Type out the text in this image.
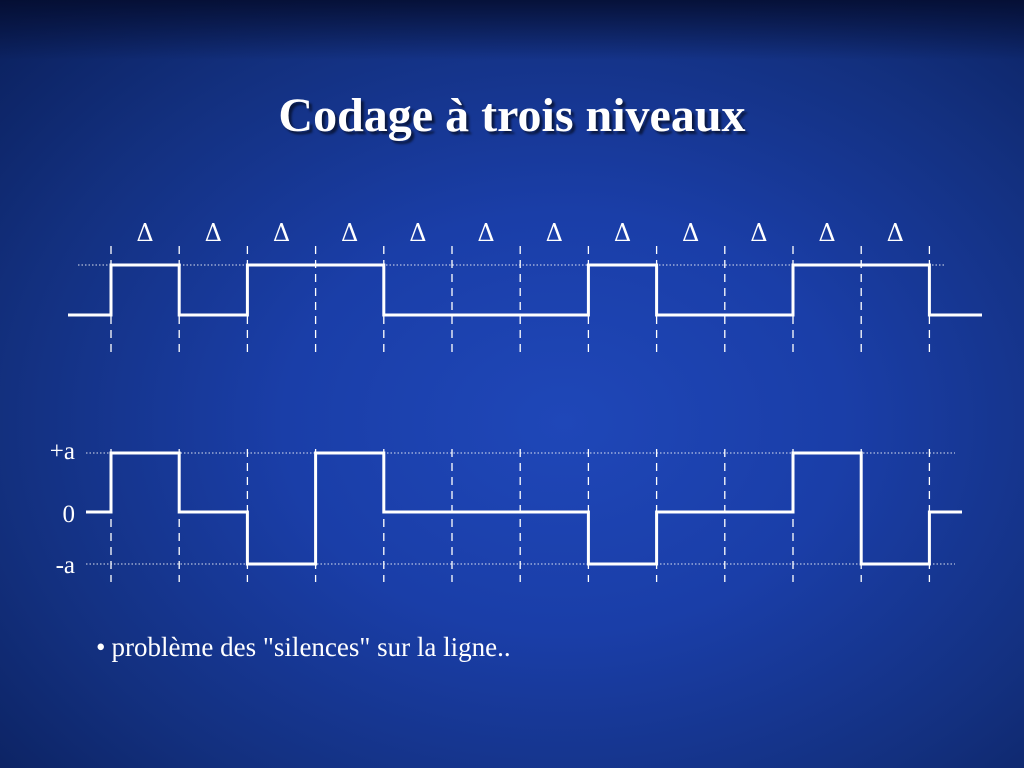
Codage à trois niveaux
Δ Δ Δ Δ Δ Δ Δ Δ Δ Δ Δ Δ
+a
0
-a
• problème des "silences" sur la ligne..
